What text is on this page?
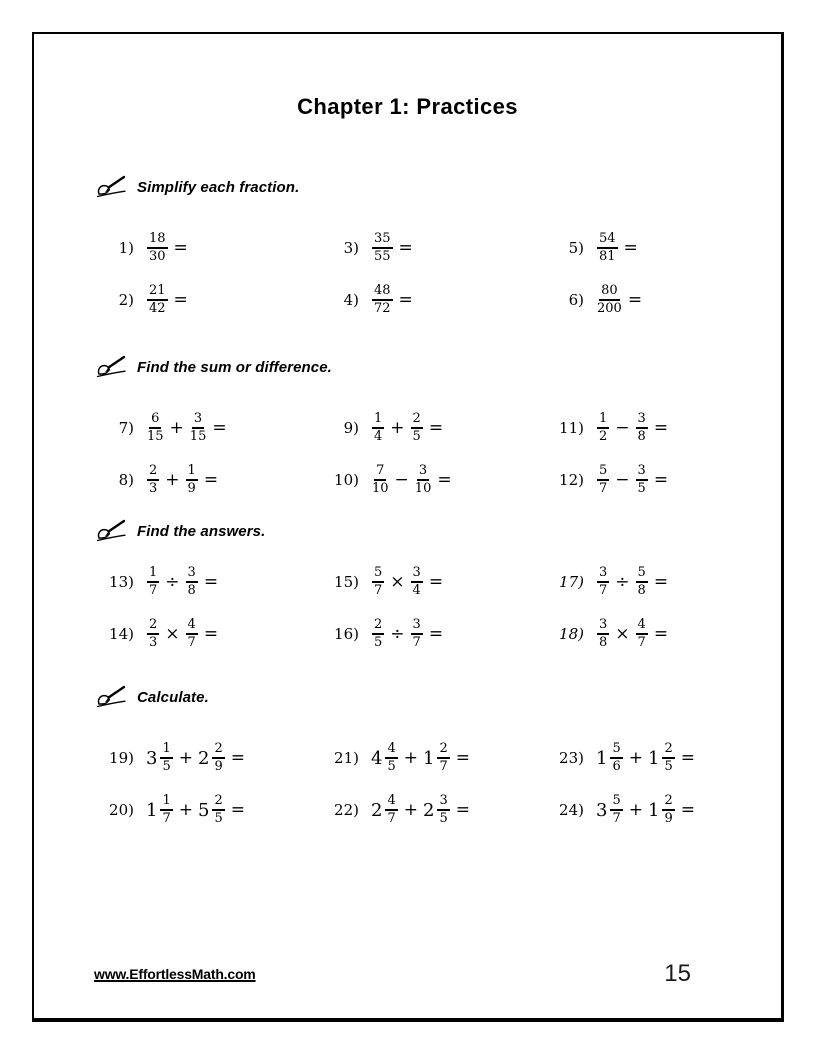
Chapter 1: Practices
Simplify each fraction.
$1) \frac{18}{30}$ =
$2) \frac{21}{42}$ =
$3) \frac{35}{55}$ =
$4) \frac{48}{72}$ =
$5) \frac{54}{81}$ =
$6) \frac{80}{200}$ =
Find the sum or difference.
$7) \frac{6}{15} + \frac{3}{15}$ =
$8) \frac{2}{3} + \frac{1}{9}$ =
$9) \frac{1}{4} + \frac{2}{5}$ =
$10) \frac{7}{10} - \frac{3}{10}$ =
$11) \frac{1}{2} - \frac{3}{8}$ =
$12) \frac{5}{7} - \frac{3}{5}$ =
Find the answers.
$13) \frac{1}{7} \div \frac{3}{8}$ =
$14) \frac{2}{3} \times \frac{4}{7}$ =
$15) \frac{5}{7} \times \frac{3}{4}$ =
$16) \frac{2}{5} \div \frac{3}{7}$ =
$17) \frac{3}{7} \div \frac{5}{8}$ =
$18) \frac{3}{8} \times \frac{4}{7}$ =
Calculate.
19) $3 \frac{1}{5} + 2 \frac{2}{9}$ =
20) $1 \frac{1}{7} + 5 \frac{2}{5}$ =
21) $4 \frac{4}{5} + 1 \frac{2}{7}$ =
22) $2 \frac{4}{7} + 2 \frac{3}{5}$ =
23) $1 \frac{5}{6} + 1 \frac{2}{5}$ =
24) $3 \frac{5}{7} + 1 \frac{2}{9}$ =
www.EffortlessMath.com	15
